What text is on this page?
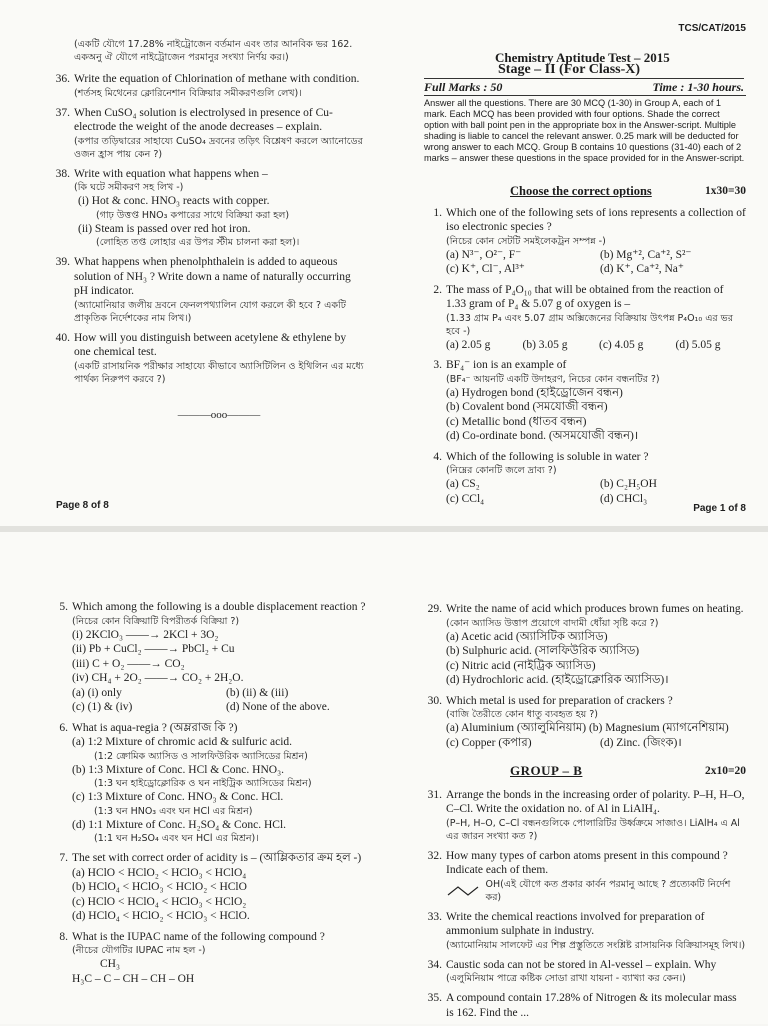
(একটি যৌগে 17.28% নাইট্রোজেন বর্তমান এবং তার আনবিক ভর 162. একঅনু ঐ যৌগে নাইট্রোজেন পরমানুর সংখ্যা নির্ণয় কর।)
36. Write the equation of Chlorination of methane with condition.
(শর্তসহ মিথেনের ক্লোরিনেশান বিক্রিয়ার সমীকরণগুলি লেখ)।
37. When CuSO₄ solution is electrolysed in presence of Cu-electrode the weight of the anode decreases – explain.
(কপার তড়িদ্বারের সাহায্যে CuSO₄ দ্রবনের তড়িৎ বিশ্লেষণ করলে অ্যানোডের ওজন হ্রাস পায় কেন ?)
38. Write with equation what happens when –
(কি ঘটে সমীকরণ সহ লিখ -)
(i) Hot & conc. HNO₃ reacts with copper.
(গাঢ় উত্তপ্ত HNO₃ কপারের সাথে বিক্রিয়া করা হল)
(ii) Steam is passed over red hot iron.
(লোহিত তপ্ত লোহার এর উপর স্টীম চালনা করা হল)।
39. What happens when phenolphthalein is added to aqueous solution of NH₃ ? Write down a name of naturally occurring pH indicator.
(অ্যামোনিয়ার জলীয় দ্রবনে ফেনলপথ্যালিন যোগ করলে কী হবে ? একটি প্রাকৃতিক নির্দেশকের নাম লিখ।)
40. How will you distinguish between acetylene & ethylene by one chemical test.
(একটি রাসায়নিক পরীক্ষার সাহায্যে কীভাবে অ্যাসিটিলিন ও ইথিলিন এর মধ্যে পার্থক্য নিরুপণ করবে ?)
———ooo———
Page 8 of 8
TCS/CAT/2015
Chemistry Aptitude Test – 2015
Stage – II (For Class-X)
Full Marks : 50	Time : 1-30 hours.
Answer all the questions. There are 30 MCQ (1-30) in Group A, each of 1 mark. Each MCQ has been provided with four options. Shade the correct option with ball point pen in the appropriate box in the Answer-script. Multiple shading is liable to cancel the relevant answer. 0.25 mark will be deducted for wrong answer to each MCQ. Group B contains 10 questions (31-40) each of 2 marks – answer these questions in the space provided for in the Answer-script.
Choose the correct options	1x30=30
1. Which one of the following sets of ions represents a collection of iso electronic species ?
(নিচের কোন সেটটি সমইলেকট্রন সম্পন্ন -)
(a) N³⁻, O²⁻, F⁻	(b) Mg⁺², Ca⁺², S²⁻
(c) K⁺, Cl⁻, Al³⁺	(d) K⁺, Ca⁺², Na⁺
2. The mass of P₄O₁₀ that will be obtained from the reaction of 1.33 gram of P₄ & 5.07 g of oxygen is –
(1.33 গ্রাম P₄ এবং 5.07 গ্রাম অক্সিজেনের বিক্রিয়ায় উৎপন্ন P₄O₁₀ এর ভর হবে -)
(a) 2.05 g	(b) 3.05 g	(c) 4.05 g	(d) 5.05 g
3. BF₄⁻ ion is an example of
(BF₄⁻ আয়নটি একটি উদাহরণ, নিচের কোন বন্ধনটির ?)
(a) Hydrogen bond (হাইড্রোজেন বন্ধন)
(b) Covalent bond (সমযোজী বন্ধন)
(c) Metallic bond (ধাতব বন্ধন)
(d) Co-ordinate bond. (অসমযোজী বন্ধন)।
4. Which of the following is soluble in water ?
(নিম্নের কোনটি জলে দ্রাব্য ?)
(a) CS₂	(b) C₂H₅OH
(c) CCl₄	(d) CHCl₃
Page 1 of 8
5. Which among the following is a double displacement reaction ?
(নিচের কোন বিক্রিয়াটি বিপরীতর্ক বিক্রিয়া ?)
(i) 2KClO₃ ——→ 2KCl + 3O₂
(ii) Pb + CuCl₂ ——→ PbCl₂ + Cu
(iii) C + O₂ ——→ CO₂
(iv) CH₄ + 2O₂ ——→ CO₂ + 2H₂O.
(a) (i) only	(b) (ii) & (iii)
(c) (1) & (iv)	(d) None of the above.
6. What is aqua-regia ? (অম্লরাজ কি ?)
(a) 1:2 Mixture of chromic acid & sulfuric acid.
(1:2 ক্রোমিক অ্যাসিড ও সালফিউরিক অ্যাসিডের মিশ্রন)
(b) 1:3 Mixture of Conc. HCl & Conc. HNO₃.
(1:3 ঘন হাইড্রোক্লোরিক ও ঘন নাইট্রিক অ্যাসিডের মিশ্রন)
(c) 1:3 Mixture of Conc. HNO₃ & Conc. HCl.
(1:3 ঘন HNO₃ এবং ঘন HCl এর মিশ্রন)
(d) 1:1 Mixture of Conc. H₂SO₄ & Conc. HCl.
(1:1 ঘন H₂SO₄ এবং ঘন HCl এর মিশ্রন)।
7. The set with correct order of acidity is – (আম্লিকতার ক্রম হল -)
(a) HClO < HClO₂ < HClO₃ < HClO₄
(b) HClO₄ < HClO₃ < HClO₂ < HClO
(c) HClO < HClO₄ < HClO₃ < HClO₂
(d) HClO₄ < HClO₂ < HClO₃ < HClO.
8. What is the IUPAC name of the following compound ?
(নীচের যৌগটির IUPAC নাম হল -)
CH₃
H₃C – C – CH – CH – OH
29. Write the name of acid which produces brown fumes on heating.
(কোন অ্যাসিড উত্তাপ প্রয়োগে বাদামী ধোঁয়া সৃষ্টি করে ?)
(a) Acetic acid (অ্যাসিটিক অ্যাসিড)
(b) Sulphuric acid. (সালফিউরিক অ্যাসিড)
(c) Nitric acid (নাইট্রিক অ্যাসিড)
(d) Hydrochloric acid. (হাইড্রোক্লোরিক অ্যাসিড)।
30. Which metal is used for preparation of crackers ?
(বাজি তৈরীতে কোন ধাতু ব্যবহৃত হয় ?)
(a) Aluminium (অ্যালুমিনিয়াম) (b) Magnesium (ম্যাগনেশিয়াম)
(c) Copper (কপার)	(d) Zinc. (জিংক)।
GROUP – B	2x10=20
31. Arrange the bonds in the increasing order of polarity. P–H, H–O, C–Cl. Write the oxidation no. of Al in LiAlH₄.
(P–H, H–O, C–Cl বন্ধনগুলিকে পোলারিটির উর্ধ্বক্রমে সাজাও। LiAlH₄ এ Al এর জারন সংখ্যা কত ?)
32. How many types of carbon atoms present in this compound ? Indicate each of them.
OH(এই যৌগে কত প্রকার কার্বন পরমানু আছে ? প্রত্যেকটি নির্দেশ কর)
33. Write the chemical reactions involved for preparation of ammonium sulphate in industry.
(অ্যামোনিয়াম সালফেট এর শিল্প প্রস্তুতিতে সংশ্লিষ্ট রাসায়নিক বিক্রিয়াসমূহ লিখ।)
34. Caustic soda can not be stored in Al-vessel – explain. Why
(এলুমিনিয়াম পাত্রে কষ্টিক সোডা রাখা যায়না - ব্যাখ্যা কর কেন।)
35. A compound contain 17.28% of Nitrogen & its molecular mass is 162. Find the ...
